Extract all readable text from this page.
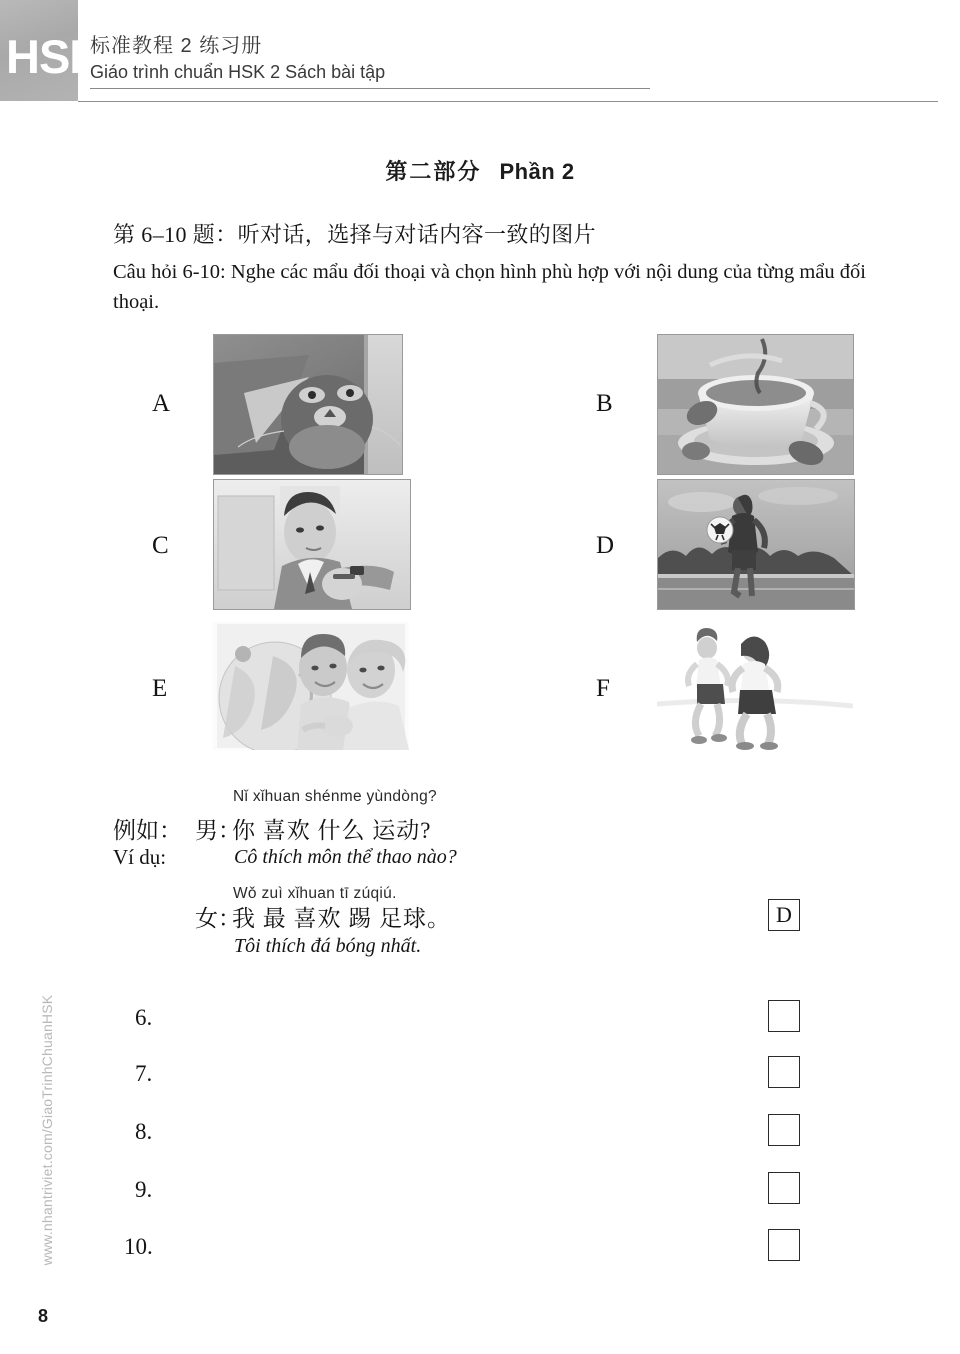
HSK
标准教程 2 练习册
Giáo trình chuẩn HSK 2 Sách bài tập
第二部分 Phần 2
第 6–10 题：听对话，选择与对话内容一致的图片
Câu hỏi 6-10: Nghe các mẩu đối thoại và chọn hình phù hợp với nội dung của từng mẩu đối thoại.
A	B
C	D
E	F
例如：
Ví dụ:
男：
Nǐ xǐhuan shénme yùndòng?
你 喜欢 什么 运动?
Cô thích môn thể thao nào?
女：
Wǒ zuì xǐhuan tī zúqiú.
我 最 喜欢 踢 足球。
Tôi thích đá bóng nhất.
D
6.
7.
8.
9.
10.
www.nhantriviet.com/GiaoTrinhChuanHSK
8
